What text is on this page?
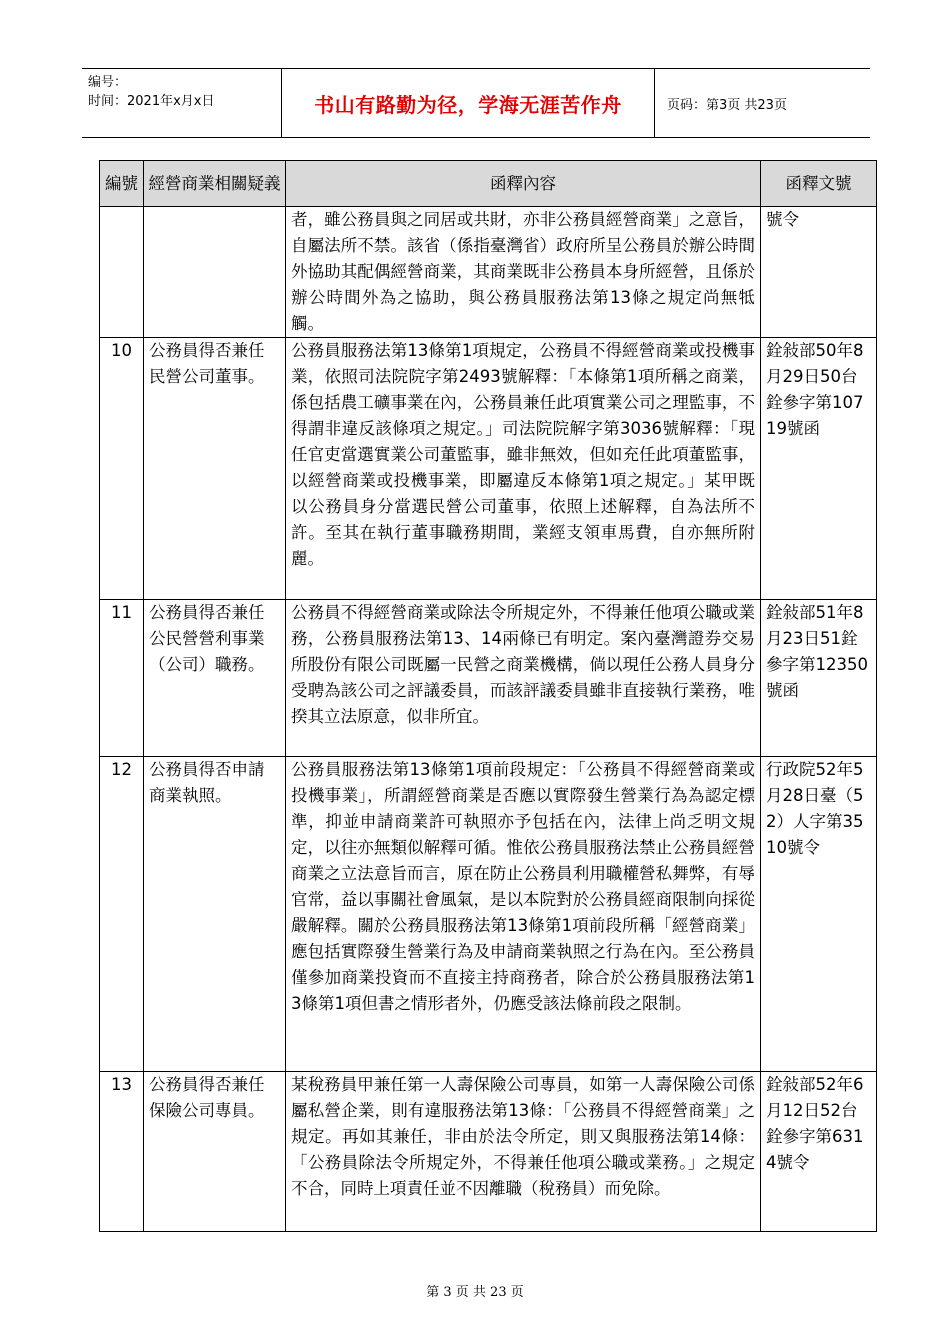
编号：
时间：2021年x月x日	书山有路勤为径，学海无涯苦作舟	页码：第3页 共23页
編號	經營商業相關疑義	函釋內容	函釋文號
		者，雖公務員與之同居或共財，亦非公務員經營商業」之意旨，自屬法所不禁。該省（係指臺灣省）政府所呈公務員於辦公時間外協助其配偶經營商業，其商業既非公務員本身所經營，且係於辦公時間外為之協助，與公務員服務法第13條之規定尚無牴觸。	號令
10	公務員得否兼任民營公司董事。	公務員服務法第13條第1項規定，公務員不得經營商業或投機事業，依照司法院院字第2493號解釋：「本條第1項所稱之商業，係包括農工礦事業在內，公務員兼任此項實業公司之理監事，不得謂非違反該條項之規定。」司法院院解字第3036號解釋：「現任官吏當選實業公司董監事，雖非無效，但如充任此項董監事，以經營商業或投機事業，即屬違反本條第1項之規定。」某甲既以公務員身分當選民營公司董事，依照上述解釋，自為法所不許。至其在執行董事職務期間，業經支領車馬費，自亦無所附麗。	銓敍部50年8月29日50台銓參字第10719號函
11	公務員得否兼任公民營營利事業（公司）職務。	公務員不得經營商業或除法令所規定外，不得兼任他項公職或業務，公務員服務法第13、14兩條已有明定。案內臺灣證券交易所股份有限公司既屬一民營之商業機構，倘以現任公務人員身分受聘為該公司之評議委員，而該評議委員雖非直接執行業務，唯揆其立法原意，似非所宜。	銓敍部51年8月23日51銓參字第12350號函
12	公務員得否申請商業執照。	公務員服務法第13條第1項前段規定：「公務員不得經營商業或投機事業」，所謂經營商業是否應以實際發生營業行為為認定標準，抑並申請商業許可執照亦予包括在內，法律上尚乏明文規定，以往亦無類似解釋可循。惟依公務員服務法禁止公務員經營商業之立法意旨而言，原在防止公務員利用職權營私舞弊，有辱官常，益以事關社會風氣，是以本院對於公務員經商限制向採從嚴解釋。關於公務員服務法第13條第1項前段所稱「經營商業」應包括實際發生營業行為及申請商業執照之行為在內。至公務員僅參加商業投資而不直接主持商務者，除合於公務員服務法第13條第1項但書之情形者外，仍應受該法條前段之限制。	行政院52年5月28日臺（52）人字第3510號令
13	公務員得否兼任保險公司專員。	某稅務員甲兼任第一人壽保險公司專員，如第一人壽保險公司係屬私營企業，則有違服務法第13條：「公務員不得經營商業」之規定。再如其兼任，非由於法令所定，則又與服務法第14條：「公務員除法令所規定外，不得兼任他項公職或業務。」之規定不合，同時上項責任並不因離職（稅務員）而免除。	銓敍部52年6月12日52台銓參字第6314號令
第 3 页 共 23 页
